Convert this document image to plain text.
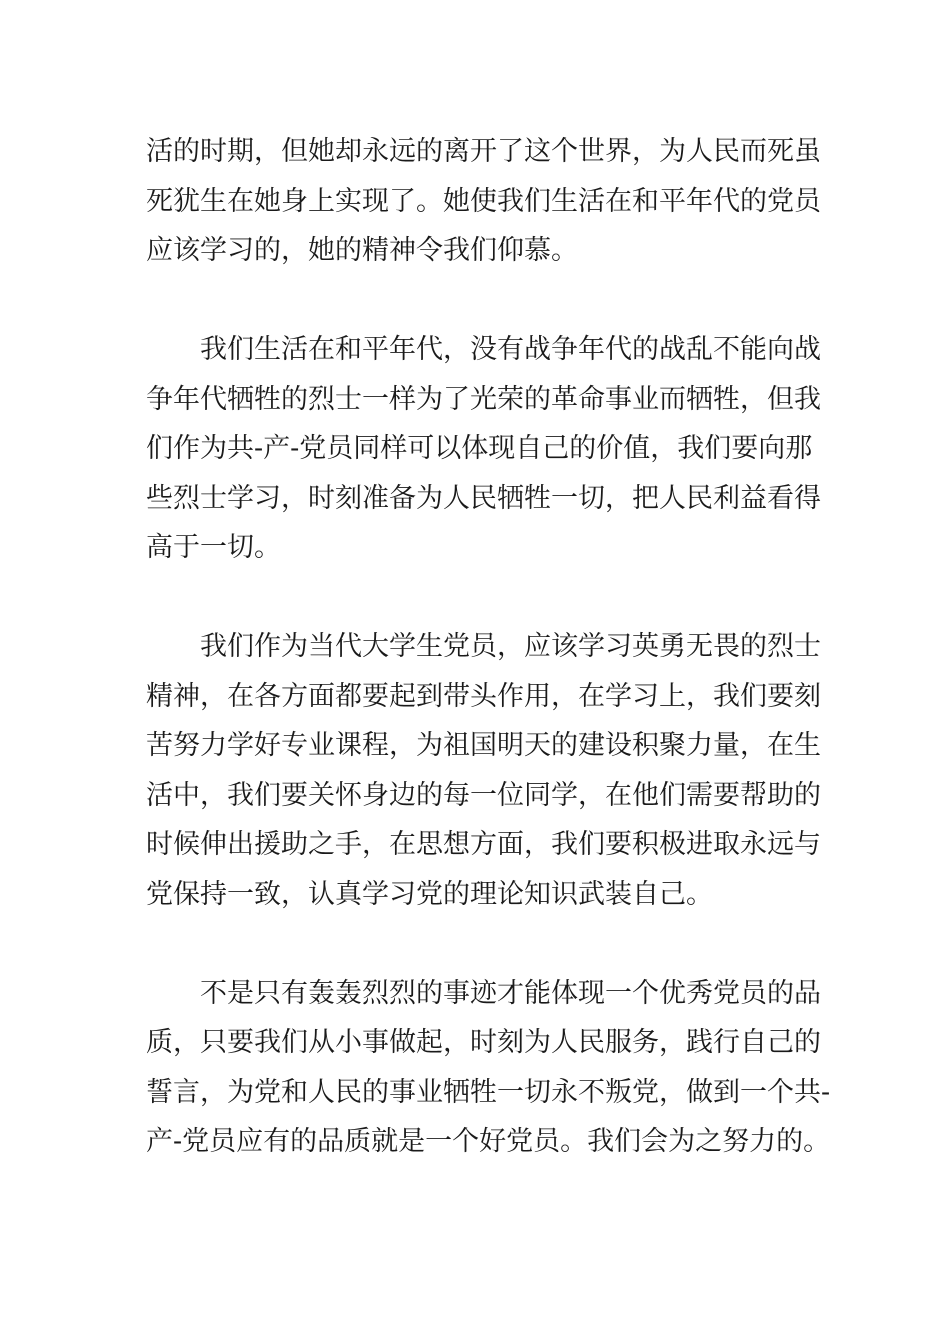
活的时期，但她却永远的离开了这个世界，为人民而死虽
死犹生在她身上实现了。她使我们生活在和平年代的党员
应该学习的，她的精神令我们仰慕。
我们生活在和平年代，没有战争年代的战乱不能向战
争年代牺牲的烈士一样为了光荣的革命事业而牺牲，但我
们作为共-产-党员同样可以体现自己的价值，我们要向那
些烈士学习，时刻准备为人民牺牲一切，把人民利益看得
高于一切。
我们作为当代大学生党员，应该学习英勇无畏的烈士
精神，在各方面都要起到带头作用，在学习上，我们要刻
苦努力学好专业课程，为祖国明天的建设积聚力量，在生
活中，我们要关怀身边的每一位同学，在他们需要帮助的
时候伸出援助之手，在思想方面，我们要积极进取永远与
党保持一致，认真学习党的理论知识武装自己。
不是只有轰轰烈烈的事迹才能体现一个优秀党员的品
质，只要我们从小事做起，时刻为人民服务，践行自己的
誓言，为党和人民的事业牺牲一切永不叛党，做到一个共-
产-党员应有的品质就是一个好党员。我们会为之努力的。
